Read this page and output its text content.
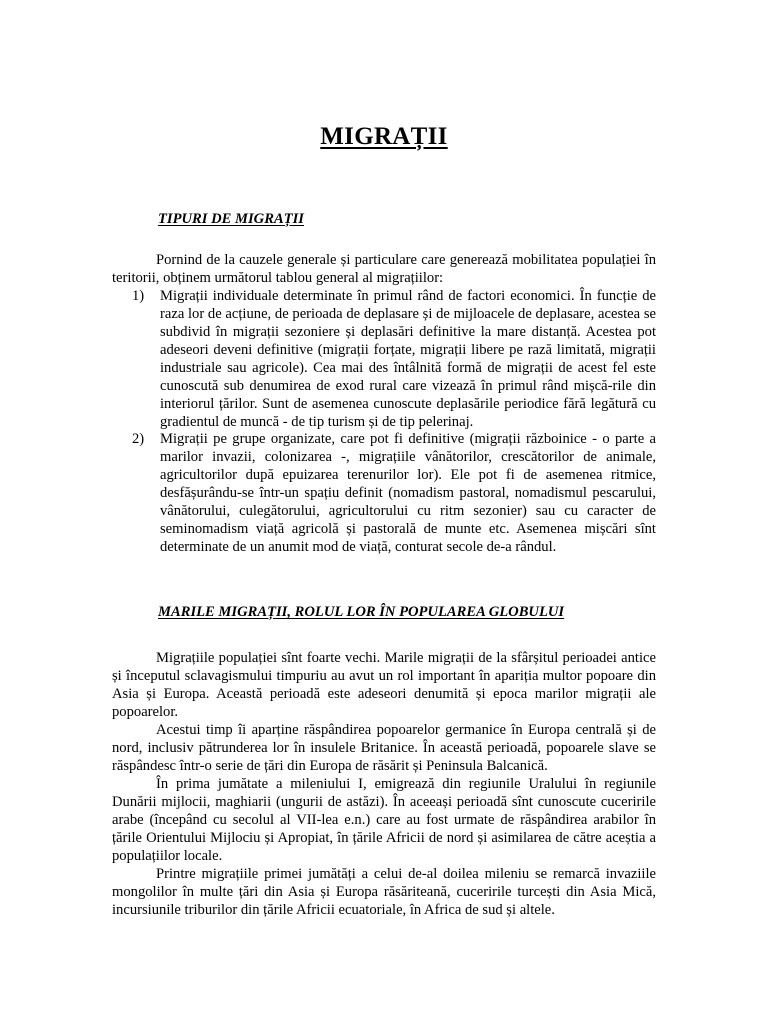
MIGRAȚII
TIPURI DE MIGRAȚII

Pornind de la cauzele generale și particulare care generează mobilitatea populației în teritorii, obținem următorul tablou general al migrațiilor:

1) Migrații individuale determinate în primul rând de factori economici. În funcție de raza lor de acțiune, de perioada de deplasare și de mijloacele de deplasare, acestea se subdivid în migrații sezoniere și deplasări definitive la mare distanță. Acestea pot adeseori deveni definitive (migrații forțate, migrații libere pe rază limitată, migrații industriale sau agricole). Cea mai des întâlnită formă de migrații de acest fel este cunoscută sub denumirea de exod rural care vizează în primul rând mișcă-rile din interiorul țărilor. Sunt de asemenea cunoscute deplasările periodice fără legătură cu gradientul de muncă - de tip turism și de tip pelerinaj.
2) Migrații pe grupe organizate, care pot fi definitive (migrații războinice - o parte a marilor invazii, colonizarea -, migrațiile vânătorilor, crescătorilor de animale, agricultorilor după epuizarea terenurilor lor). Ele pot fi de asemenea ritmice, desfășurându-se într-un spațiu definit (nomadism pastoral, nomadismul pescarului, vânătorului, culegătorului, agricultorului cu ritm sezonier) sau cu caracter de seminomadism viață agricolă și pastorală de munte etc. Asemenea mișcări sînt determinate de un anumit mod de viață, conturat secole de-a rândul.
MARILE MIGRAȚII, ROLUL LOR ÎN POPULAREA GLOBULUI

Migrațiile populației sînt foarte vechi. Marile migrații de la sfârșitul perioadei antice și începutul sclavagismului timpuriu au avut un rol important în apariția multor popoare din Asia și Europa. Această perioadă este adeseori denumită și epoca marilor migrații ale popoarelor.

Acestui timp îi aparține răspândirea popoarelor germanice în Europa centrală și de nord, inclusiv pătrunderea lor în insulele Britanice. În această perioadă, popoarele slave se răspândesc într-o serie de țări din Europa de răsărit și Peninsula Balcanică.

În prima jumătate a mileniului I, emigrează din regiunile Uralului în regiunile Dunării mijlocii, maghiarii (ungurii de astăzi). În aceeași perioadă sînt cunoscute cuceririle arabe (începând cu secolul al VII-lea e.n.) care au fost urmate de răspândirea arabilor în țările Orientului Mijlociu și Apropiat, în țările Africii de nord și asimilarea de către aceștia a populațiilor locale.

Printre migrațiile primei jumătăți a celui de-al doilea mileniu se remarcă invaziile mongolilor în multe țări din Asia și Europa răsăriteană, cuceririle turcești din Asia Mică, incursiunile triburilor din țările Africii ecuatoriale, în Africa de sud și altele.
